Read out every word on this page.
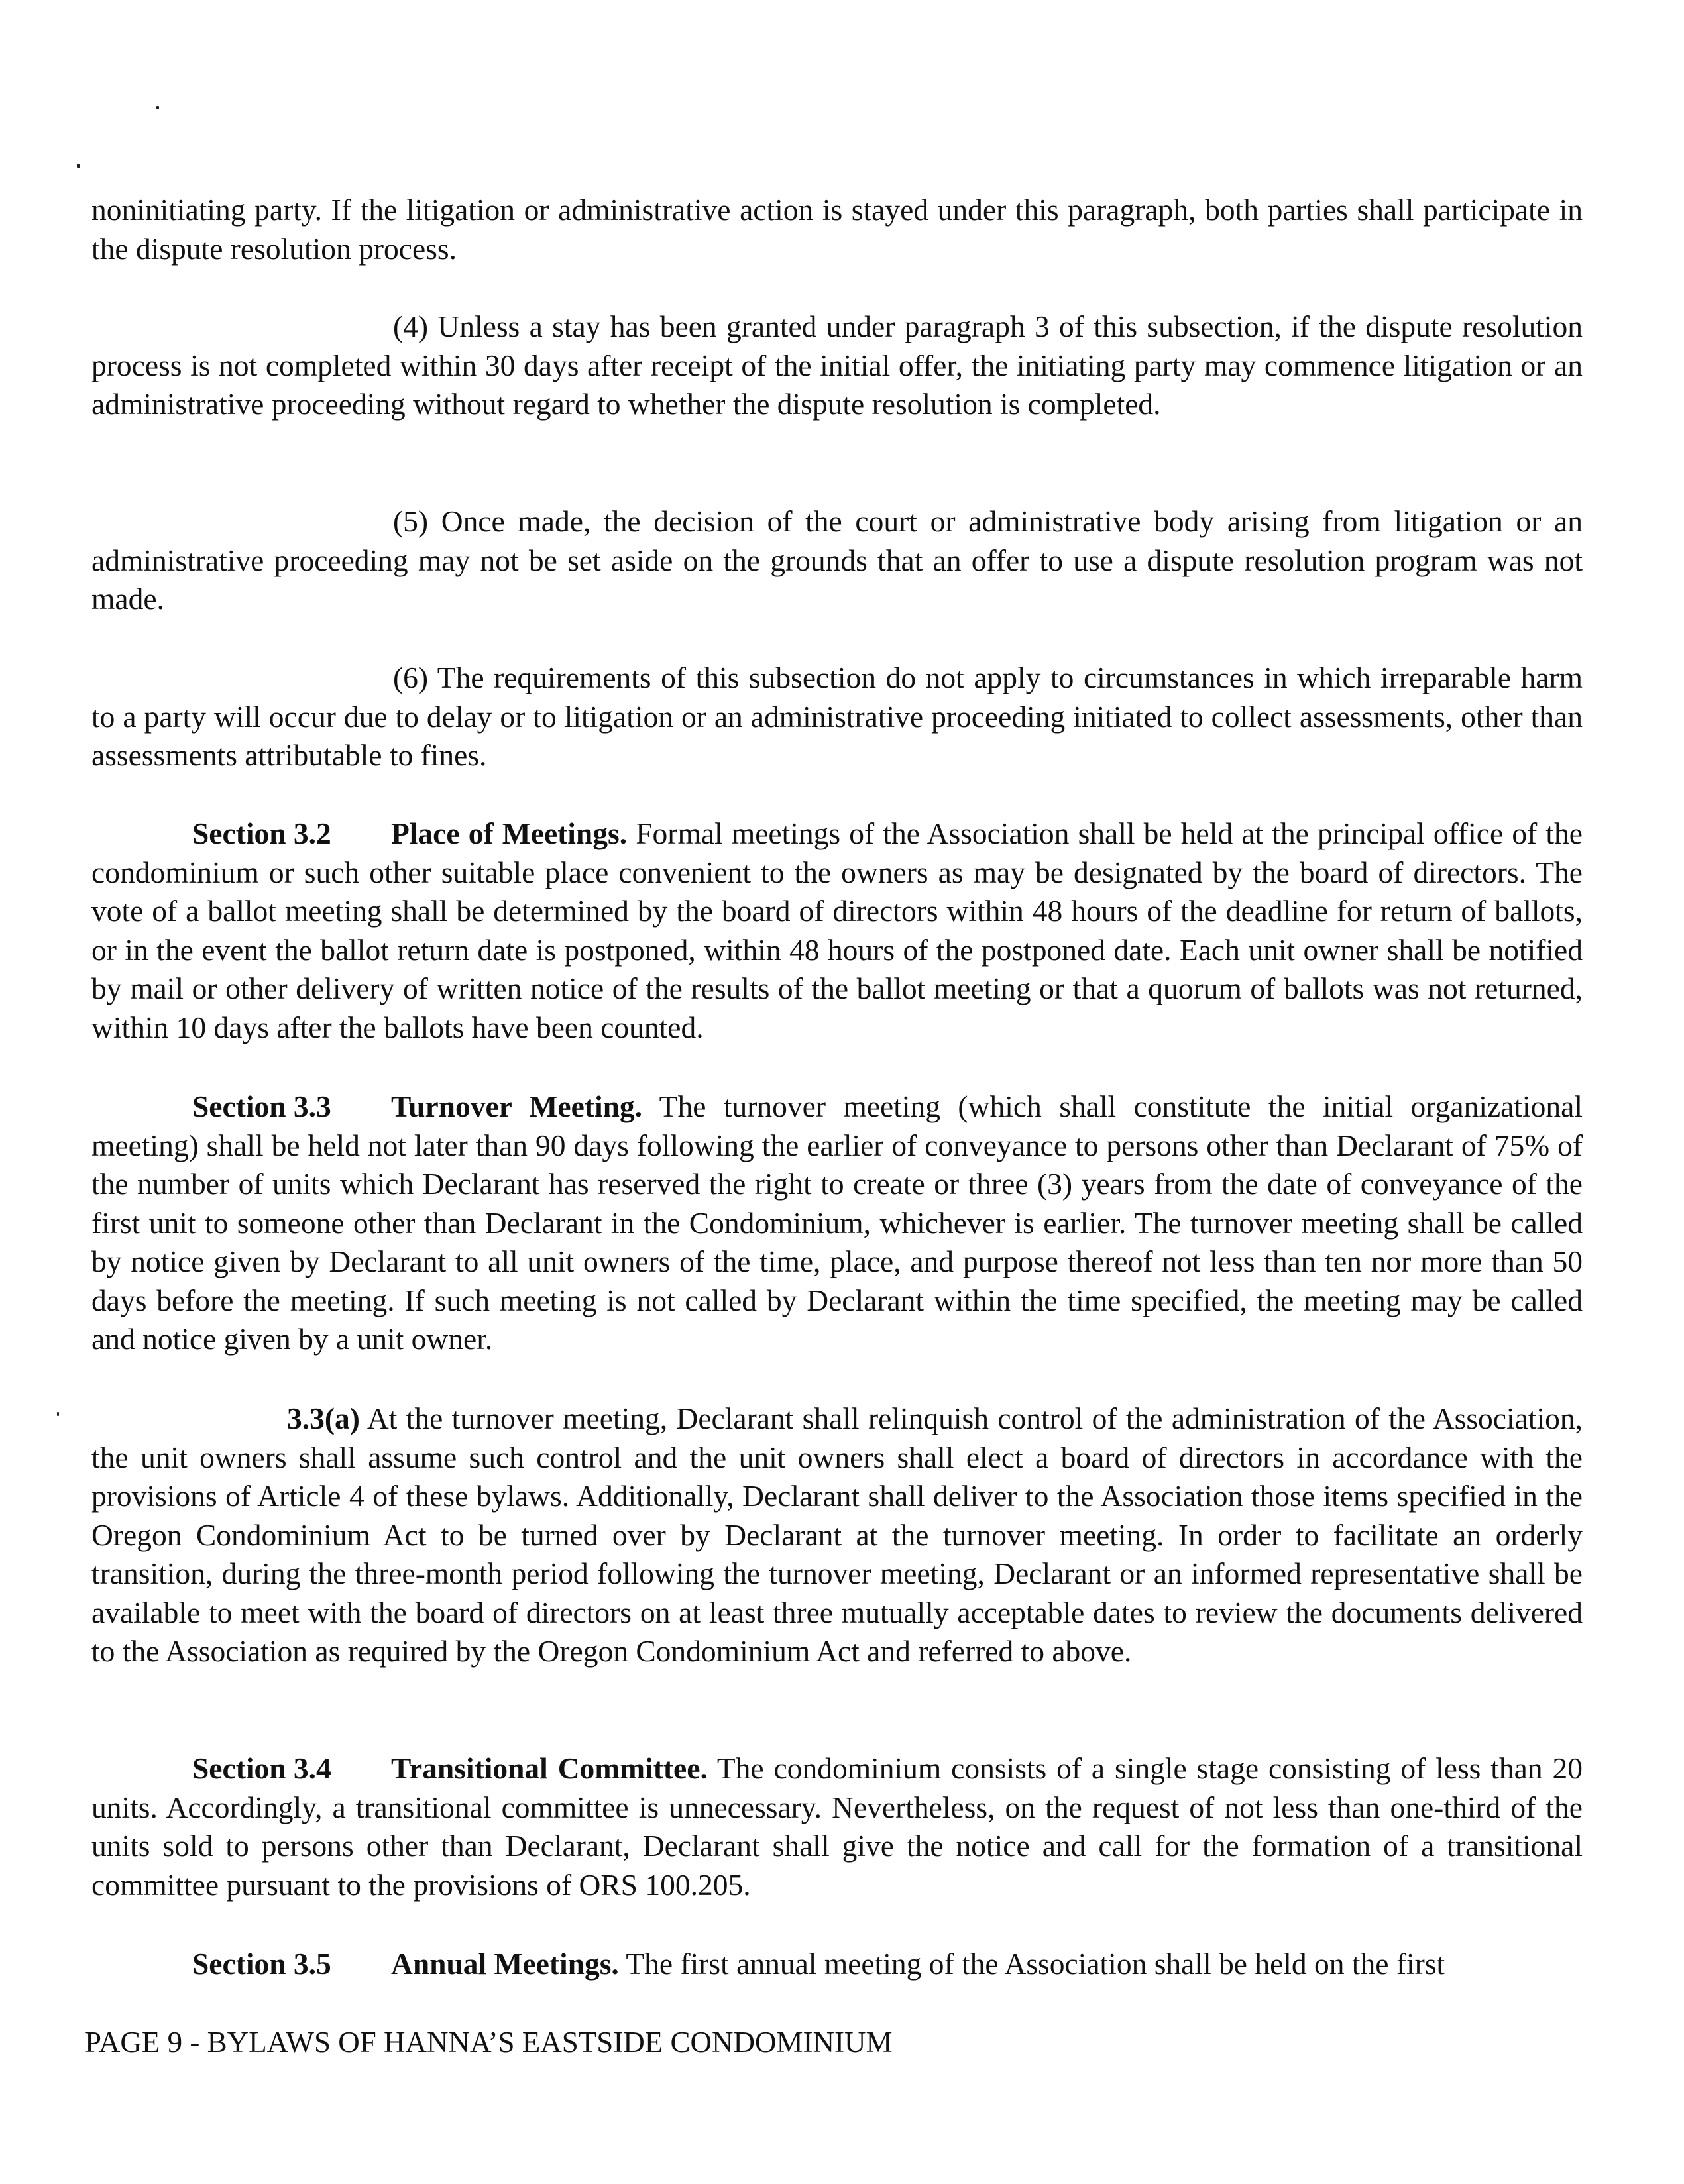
noninitiating party. If the litigation or administrative action is stayed under this paragraph, both parties shall participate in the dispute resolution process.

(4) Unless a stay has been granted under paragraph 3 of this subsection, if the dispute resolution process is not completed within 30 days after receipt of the initial offer, the initiating party may commence litigation or an administrative proceeding without regard to whether the dispute resolution is completed.

(5) Once made, the decision of the court or administrative body arising from litigation or an administrative proceeding may not be set aside on the grounds that an offer to use a dispute resolution program was not made.

(6) The requirements of this subsection do not apply to circumstances in which irreparable harm to a party will occur due to delay or to litigation or an administrative proceeding initiated to collect assessments, other than assessments attributable to fines.

Section 3.2 Place of Meetings. Formal meetings of the Association shall be held at the principal office of the condominium or such other suitable place convenient to the owners as may be designated by the board of directors. The vote of a ballot meeting shall be determined by the board of directors within 48 hours of the deadline for return of ballots, or in the event the ballot return date is postponed, within 48 hours of the postponed date. Each unit owner shall be notified by mail or other delivery of written notice of the results of the ballot meeting or that a quorum of ballots was not returned, within 10 days after the ballots have been counted.

Section 3.3 Turnover Meeting. The turnover meeting (which shall constitute the initial organizational meeting) shall be held not later than 90 days following the earlier of conveyance to persons other than Declarant of 75% of the number of units which Declarant has reserved the right to create or three (3) years from the date of conveyance of the first unit to someone other than Declarant in the Condominium, whichever is earlier. The turnover meeting shall be called by notice given by Declarant to all unit owners of the time, place, and purpose thereof not less than ten nor more than 50 days before the meeting. If such meeting is not called by Declarant within the time specified, the meeting may be called and notice given by a unit owner.

3.3(a) At the turnover meeting, Declarant shall relinquish control of the administration of the Association, the unit owners shall assume such control and the unit owners shall elect a board of directors in accordance with the provisions of Article 4 of these bylaws. Additionally, Declarant shall deliver to the Association those items specified in the Oregon Condominium Act to be turned over by Declarant at the turnover meeting. In order to facilitate an orderly transition, during the three-month period following the turnover meeting, Declarant or an informed representative shall be available to meet with the board of directors on at least three mutually acceptable dates to review the documents delivered to the Association as required by the Oregon Condominium Act and referred to above.

Section 3.4 Transitional Committee. The condominium consists of a single stage consisting of less than 20 units. Accordingly, a transitional committee is unnecessary. Nevertheless, on the request of not less than one-third of the units sold to persons other than Declarant, Declarant shall give the notice and call for the formation of a transitional committee pursuant to the provisions of ORS 100.205.

Section 3.5 Annual Meetings. The first annual meeting of the Association shall be held on the first

PAGE 9 - BYLAWS OF HANNA’S EASTSIDE CONDOMINIUM
